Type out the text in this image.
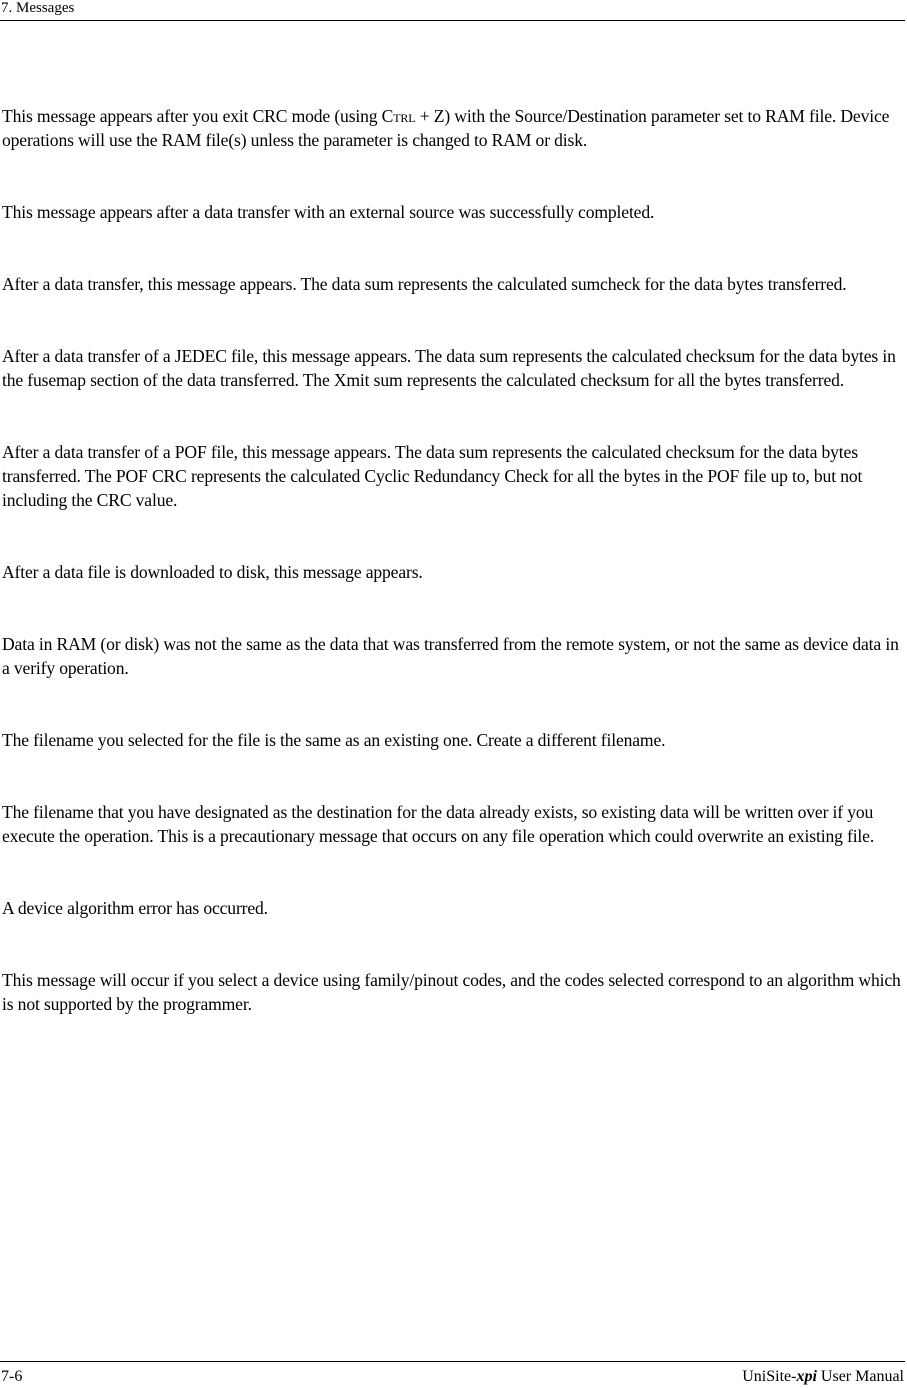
7. Messages

This message appears after you exit CRC mode (using Ctrl + Z) with the Source/Destination parameter set to RAM file. Device operations will use the RAM file(s) unless the parameter is changed to RAM or disk.

This message appears after a data transfer with an external source was successfully completed.

After a data transfer, this message appears. The data sum represents the calculated sumcheck for the data bytes transferred.

After a data transfer of a JEDEC file, this message appears. The data sum represents the calculated checksum for the data bytes in the fusemap section of the data transferred. The Xmit sum represents the calculated checksum for all the bytes transferred.

After a data transfer of a POF file, this message appears. The data sum represents the calculated checksum for the data bytes transferred. The POF CRC represents the calculated Cyclic Redundancy Check for all the bytes in the POF file up to, but not including the CRC value.

After a data file is downloaded to disk, this message appears.

Data in RAM (or disk) was not the same as the data that was transferred from the remote system, or not the same as device data in a verify operation.

The filename you selected for the file is the same as an existing one. Create a different filename.

The filename that you have designated as the destination for the data already exists, so existing data will be written over if you execute the operation. This is a precautionary message that occurs on any file operation which could overwrite an existing file.

A device algorithm error has occurred.

This message will occur if you select a device using family/pinout codes, and the codes selected correspond to an algorithm which is not supported by the programmer.

7-6	UniSite-xpi User Manual
